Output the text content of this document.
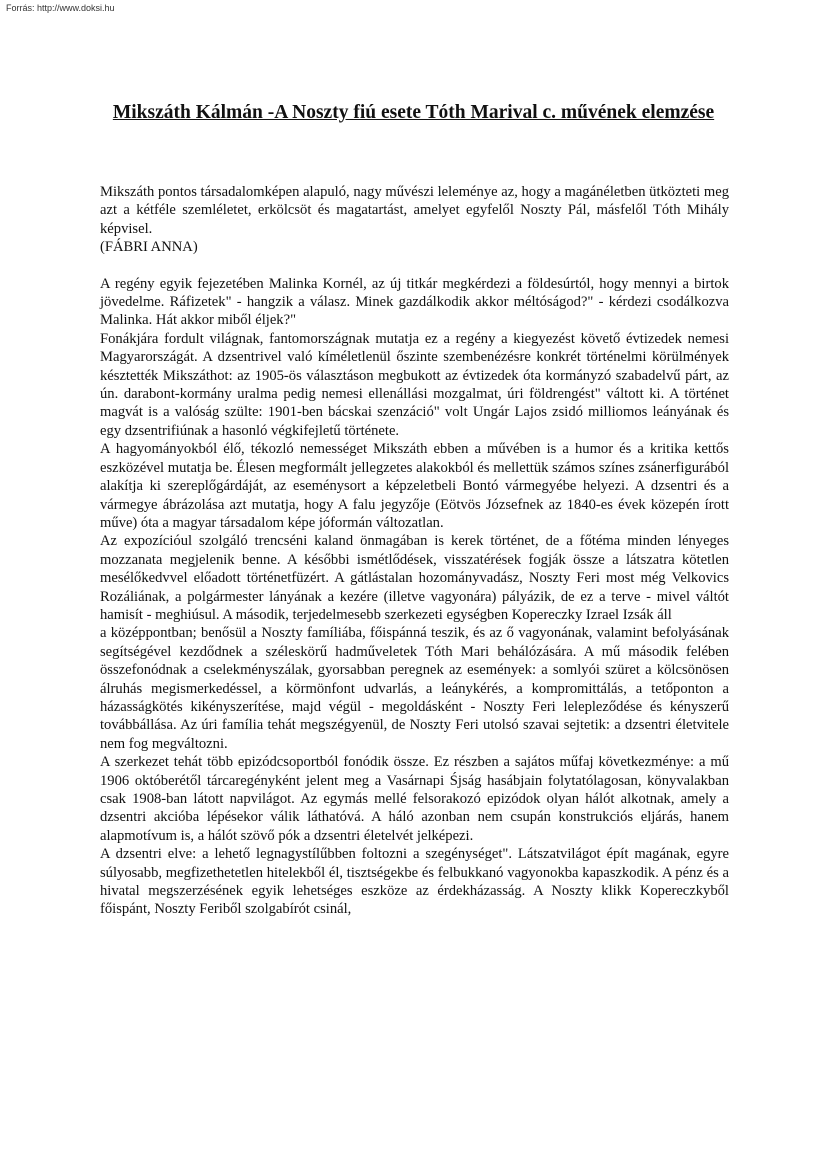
Forrás: http://www.doksi.hu
Mikszáth Kálmán -A Noszty fiú esete Tóth Marival c. művének elemzése

Mikszáth pontos társadalomképen alapuló, nagy művészi leleménye az, hogy a magánéletben ütközteti meg azt a kétféle szemléletet, erkölcsöt és magatartást, amelyet egyfelől Noszty Pál, másfelől Tóth Mihály képvisel.

(FÁBRI ANNA)

A regény egyik fejezetében Malinka Kornél, az új titkár megkérdezi a földesúrtól, hogy mennyi a birtok jövedelme. Ráfizetek" - hangzik a válasz. Minek gazdálkodik akkor méltóságod?" - kérdezi csodálkozva Malinka. Hát akkor miből éljek?"

Fonákjára fordult világnak, fantomországnak mutatja ez a regény a kiegyezést követő évtizedek nemesi Magyarországát. A dzsentrivel való kíméletlenül őszinte szembenézésre konkrét történelmi körülmények késztették Mikszáthot: az 1905-ös választáson megbukott az évtizedek óta kormányzó szabadelvű párt, az ún. darabont-kormány uralma pedig nemesi ellenállási mozgalmat, úri földrengést" váltott ki. A történet magvát is a valóság szülte: 1901-ben bácskai szenzáció" volt Ungár Lajos zsidó milliomos leányának és egy dzsentrifiúnak a hasonló végkifejletű története.

A hagyományokból élő, tékozló nemességet Mikszáth ebben a művében is a humor és a kritika kettős eszközével mutatja be. Élesen megformált jellegzetes alakokból és mellettük számos színes zsánerfigurából alakítja ki szereplőgárdáját, az eseménysort a képzeletbeli Bontó vármegyébe helyezi. A dzsentri és a vármegye ábrázolása azt mutatja, hogy A falu jegyzője (Eötvös Józsefnek az 1840-es évek közepén írott műve) óta a magyar társadalom képe jóformán változatlan.

Az expozícióul szolgáló trencséni kaland önmagában is kerek történet, de a főtéma minden lényeges mozzanata megjelenik benne. A későbbi ismétlődések, visszatérések fogják össze a látszatra kötetlen mesélőkedvvel előadott történetfüzért. A gátlástalan hozományvadász, Noszty Feri most még Velkovics Rozáliának, a polgármester lányának a kezére (illetve vagyonára) pályázik, de ez a terve - mivel váltót hamisít - meghiúsul. A második, terjedelmesebb szerkezeti egységben Kopereczky Izrael Izsák áll

a középpontban; benősül a Noszty famíliába, főispánná teszik, és az ő vagyonának, valamint befolyásának segítségével kezdődnek a széleskörű hadműveletek Tóth Mari behálózására. A mű második felében összefonódnak a cselekményszálak, gyorsabban peregnek az események: a somlyói szüret a kölcsönösen álruhás megismerkedéssel, a körmönfont udvarlás, a leánykérés, a kompromittálás, a tetőponton a házasságkötés kikényszerítése, majd végül - megoldásként - Noszty Feri lelepleződése és kényszerű továbbállása. Az úri família tehát megszégyenül, de Noszty Feri utolsó szavai sejtetik: a dzsentri életvitele nem fog megváltozni.

A szerkezet tehát több epizódcsoportból fonódik össze. Ez részben a sajátos műfaj következménye: a mű 1906 októberétől tárcaregényként jelent meg a Vasárnapi Śjság hasábjain folytatólagosan, könyvalakban csak 1908-ban látott napvilágot. Az egymás mellé felsorakozó epizódok olyan hálót alkotnak, amely a dzsentri akcióba lépésekor válik láthatóvá. A háló azonban nem csupán konstrukciós eljárás, hanem alapmotívum is, a hálót szövő pók a dzsentri életelvét jelképezi.

A dzsentri elve: a lehető legnagystílűbben foltozni a szegénységet". Látszatvilágot épít magának, egyre súlyosabb, megfizethetetlen hitelekből él, tisztségekbe és felbukkanó vagyonokba kapaszkodik. A pénz és a hivatal megszerzésének egyik lehetséges eszköze az érdekházasság. A Noszty klikk Kopereczkyből főispánt, Noszty Feriből szolgabírót csinál,
